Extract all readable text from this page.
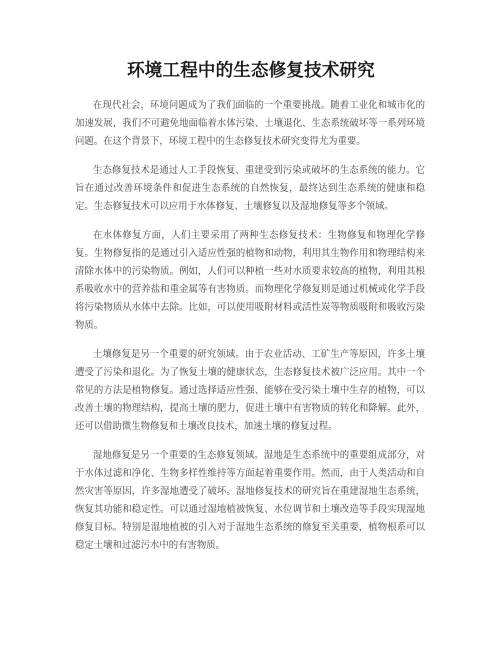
环境工程中的生态修复技术研究

在现代社会，环境问题成为了我们面临的一个重要挑战。随着工业化和城市化的加速发展，我们不可避免地面临着水体污染、土壤退化、生态系统破坏等一系列环境问题。在这个背景下，环境工程中的生态修复技术研究变得尤为重要。

生态修复技术是通过人工手段恢复、重建受到污染或破坏的生态系统的能力。它旨在通过改善环境条件和促进生态系统的自然恢复，最终达到生态系统的健康和稳定。生态修复技术可以应用于水体修复、土壤修复以及湿地修复等多个领域。

在水体修复方面，人们主要采用了两种生态修复技术：生物修复和物理化学修复。生物修复指的是通过引入适应性强的植物和动物，利用其生物作用和物理结构来清除水体中的污染物质。例如，人们可以种植一些对水质要求较高的植物，利用其根系吸收水中的营养盐和重金属等有害物质。而物理化学修复则是通过机械或化学手段将污染物质从水体中去除。比如，可以使用吸附材料或活性炭等物质吸附和吸收污染物质。

土壤修复是另一个重要的研究领域。由于农业活动、工矿生产等原因，许多土壤遭受了污染和退化。为了恢复土壤的健康状态，生态修复技术被广泛应用。其中一个常见的方法是植物修复。通过选择适应性强、能够在受污染土壤中生存的植物，可以改善土壤的物理结构，提高土壤的肥力，促进土壤中有害物质的转化和降解。此外，还可以借助微生物修复和土壤改良技术，加速土壤的修复过程。

湿地修复是另一个重要的生态修复领域。湿地是生态系统中的重要组成部分，对于水体过滤和净化、生物多样性维持等方面起着重要作用。然而，由于人类活动和自然灾害等原因，许多湿地遭受了破坏。湿地修复技术的研究旨在重建湿地生态系统，恢复其功能和稳定性。可以通过湿地植被恢复、水位调节和土壤改造等手段实现湿地修复目标。特别是湿地植被的引入对于湿地生态系统的修复至关重要，植物根系可以稳定土壤和过滤污水中的有害物质。
